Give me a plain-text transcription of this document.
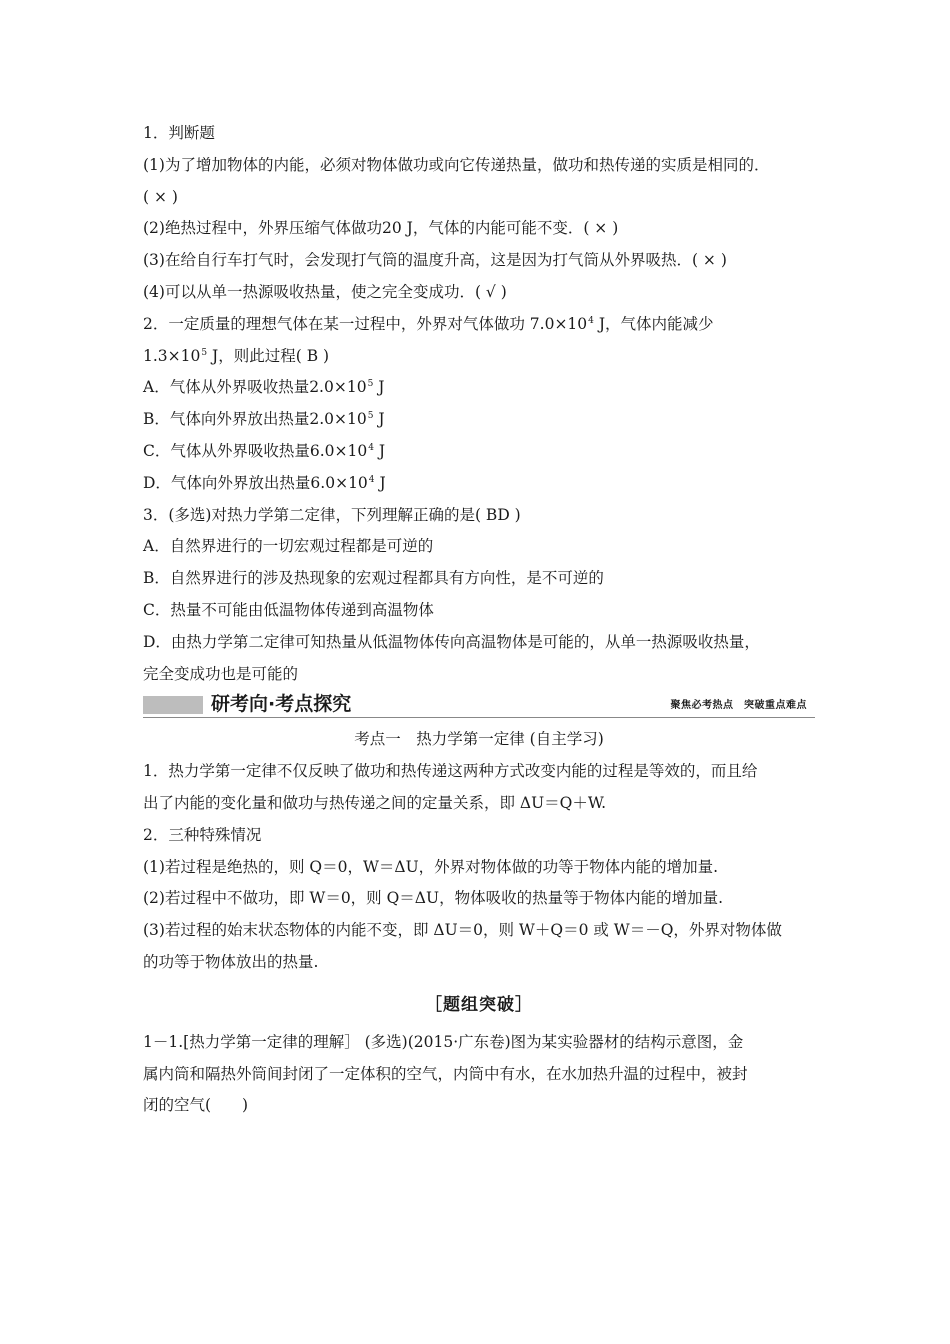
1．判断题
(1)为了增加物体的内能，必须对物体做功或向它传递热量，做功和热传递的实质是相同的．
( × )
(2)绝热过程中，外界压缩气体做功20 J，气体的内能可能不变．( × )
(3)在给自行车打气时，会发现打气筒的温度升高，这是因为打气筒从外界吸热．( × )
(4)可以从单一热源吸收热量，使之完全变成功．( √ )
2．一定质量的理想气体在某一过程中，外界对气体做功 $7.0\times 10^4$ J，气体内能减少
$1.3\times 10^5$ J，则此过程( B )
A．气体从外界吸收热量$2.0\times 10^5$ J
B．气体向外界放出热量$2.0\times 10^5$ J
C．气体从外界吸收热量$6.0\times 10^4$ J
D．气体向外界放出热量$6.0\times 10^4$ J
3．(多选)对热力学第二定律，下列理解正确的是( BD )
A．自然界进行的一切宏观过程都是可逆的
B．自然界进行的涉及热现象的宏观过程都具有方向性，是不可逆的
C．热量不可能由低温物体传递到高温物体
D．由热力学第二定律可知热量从低温物体传向高温物体是可能的，从单一热源吸收热量，
完全变成功也是可能的
研考向·考点探究	聚焦必考热点　突破重点难点
考点一　热力学第一定律 (自主学习)
1．热力学第一定律不仅反映了做功和热传递这两种方式改变内能的过程是等效的，而且给
出了内能的变化量和做功与热传递之间的定量关系，即 ΔU＝Q＋W.
2．三种特殊情况
(1)若过程是绝热的，则 Q＝0，W＝ΔU，外界对物体做的功等于物体内能的增加量.
(2)若过程中不做功，即 W＝0，则 Q＝ΔU，物体吸收的热量等于物体内能的增加量.
(3)若过程的始末状态物体的内能不变，即 ΔU＝0，则 W＋Q＝0 或 W＝－Q，外界对物体做
的功等于物体放出的热量.
［题组突破］
1－1.[热力学第一定律的理解］ (多选)(2015·广东卷)图为某实验器材的结构示意图，金
属内筒和隔热外筒间封闭了一定体积的空气，内筒中有水，在水加热升温的过程中，被封
闭的空气(　　)
